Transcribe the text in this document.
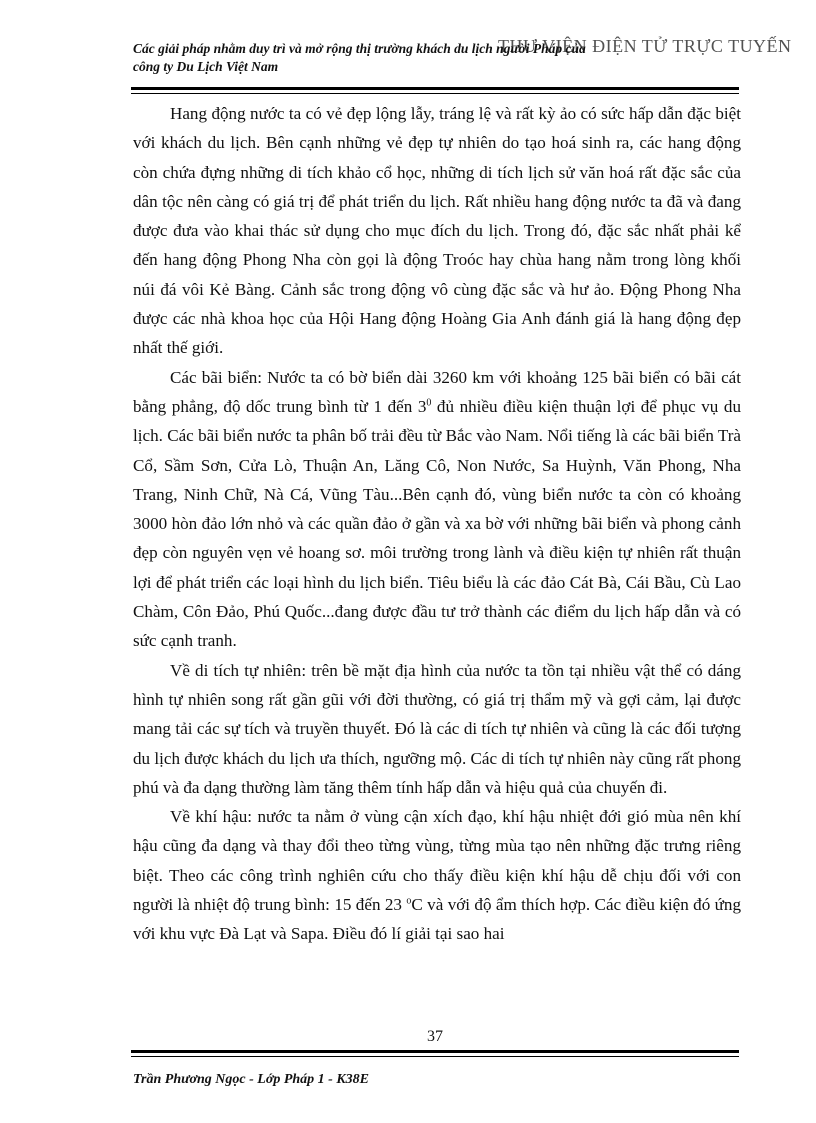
THƯ VIỆN ĐIỆN TỬ TRỰC TUYẾN
Các giải pháp nhằm duy trì và mở rộng thị trường khách du lịch người Pháp của
công ty Du Lịch Việt Nam

Hang động nước ta có vẻ đẹp lộng lẫy, tráng lệ và rất kỳ ảo có sức hấp dẫn đặc biệt với khách du lịch. Bên cạnh những vẻ đẹp tự nhiên do tạo hoá sinh ra, các hang động còn chứa đựng những di tích khảo cổ học, những di tích lịch sử văn hoá rất đặc sắc của dân tộc nên càng có giá trị để phát triển du lịch. Rất nhiều hang động nước ta đã và đang được đưa vào khai thác sử dụng cho mục đích du lịch. Trong đó, đặc sắc nhất phải kể đến hang động Phong Nha còn gọi là động Troóc hay chùa hang nằm trong lòng khối núi đá vôi Kẻ Bàng. Cảnh sắc trong động vô cùng đặc sắc và hư ảo. Động Phong Nha được các nhà khoa học của Hội Hang động Hoàng Gia Anh đánh giá là hang động đẹp nhất thế giới.

Các bãi biển: Nước ta có bờ biển dài 3260 km với khoảng 125 bãi biển có bãi cát bằng phẳng, độ dốc trung bình từ 1 đến $3^0$ đủ nhiều điều kiện thuận lợi để phục vụ du lịch. Các bãi biển nước ta phân bố trải đều từ Bắc vào Nam. Nổi tiếng là các bãi biển Trà Cổ, Sầm Sơn, Cửa Lò, Thuận An, Lăng Cô, Non Nước, Sa Huỳnh, Văn Phong, Nha Trang, Ninh Chữ, Nà Cá, Vũng Tàu...Bên cạnh đó, vùng biển nước ta còn có khoảng 3000 hòn đảo lớn nhỏ và các quần đảo ở gần và xa bờ với những bãi biển và phong cảnh đẹp còn nguyên vẹn vẻ hoang sơ. môi trường trong lành và điều kiện tự nhiên rất thuận lợi để phát triển các loại hình du lịch biển. Tiêu biểu là các đảo Cát Bà, Cái Bầu, Cù Lao Chàm, Côn Đảo, Phú Quốc...đang được đầu tư trở thành các điểm du lịch hấp dẫn và có sức cạnh tranh.

Về di tích tự nhiên: trên bề mặt địa hình của nước ta tồn tại nhiều vật thể có dáng hình tự nhiên song rất gần gũi với đời thường, có giá trị thẩm mỹ và gợi cảm, lại được mang tải các sự tích và truyền thuyết. Đó là các di tích tự nhiên và cũng là các đối tượng du lịch được khách du lịch ưa thích, ngưỡng mộ. Các di tích tự nhiên này cũng rất phong phú và đa dạng thường làm tăng thêm tính hấp dẫn và hiệu quả của chuyến đi.

Về khí hậu: nước ta nằm ở vùng cận xích đạo, khí hậu nhiệt đới gió mùa nên khí hậu cũng đa dạng và thay đổi theo từng vùng, từng mùa tạo nên những đặc trưng riêng biệt. Theo các công trình nghiên cứu cho thấy điều kiện khí hậu dễ chịu đối với con người là nhiệt độ trung bình: 15 đến 23 $^o$C và với độ ẩm thích hợp. Các điều kiện đó ứng với khu vực Đà Lạt và Sapa. Điều đó lí giải tại sao hai

37
Trần Phương Ngọc - Lớp Pháp 1 - K38E
